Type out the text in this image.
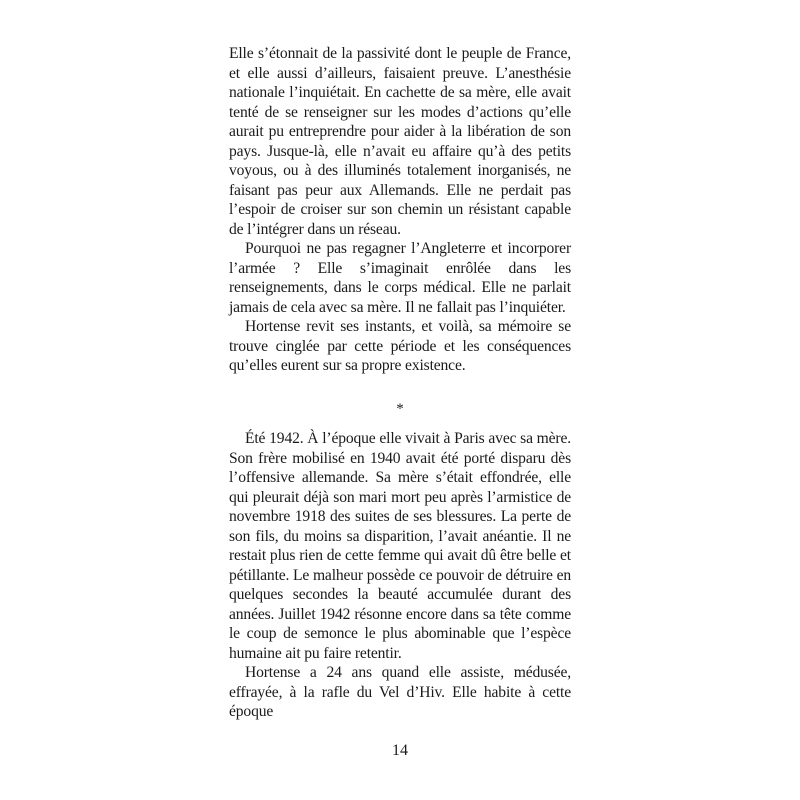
Elle s’étonnait de la passivité dont le peuple de France, et elle aussi d’ailleurs, faisaient preuve. L’anesthésie nationale l’inquiétait. En cachette de sa mère, elle avait tenté de se renseigner sur les modes d’actions qu’elle aurait pu entreprendre pour aider à la libération de son pays. Jusque-là, elle n’avait eu affaire qu’à des petits voyous, ou à des illuminés totalement inorganisés, ne faisant pas peur aux Allemands. Elle ne perdait pas l’espoir de croiser sur son chemin un résistant capable de l’intégrer dans un réseau.

Pourquoi ne pas regagner l’Angleterre et incorporer l’armée ? Elle s’imaginait enrôlée dans les renseignements, dans le corps médical. Elle ne parlait jamais de cela avec sa mère. Il ne fallait pas l’inquiéter.

Hortense revit ses instants, et voilà, sa mémoire se trouve cinglée par cette période et les conséquences qu’elles eurent sur sa propre existence.

*

Été 1942. À l’époque elle vivait à Paris avec sa mère. Son frère mobilisé en 1940 avait été porté disparu dès l’offensive allemande. Sa mère s’était effondrée, elle qui pleurait déjà son mari mort peu après l’armistice de novembre 1918 des suites de ses blessures. La perte de son fils, du moins sa disparition, l’avait anéantie. Il ne restait plus rien de cette femme qui avait dû être belle et pétillante. Le malheur possède ce pouvoir de détruire en quelques secondes la beauté accumulée durant des années. Juillet 1942 résonne encore dans sa tête comme le coup de semonce le plus abominable que l’espèce humaine ait pu faire retentir.

Hortense a 24 ans quand elle assiste, médusée, effrayée, à la rafle du Vel d’Hiv. Elle habite à cette époque

14
